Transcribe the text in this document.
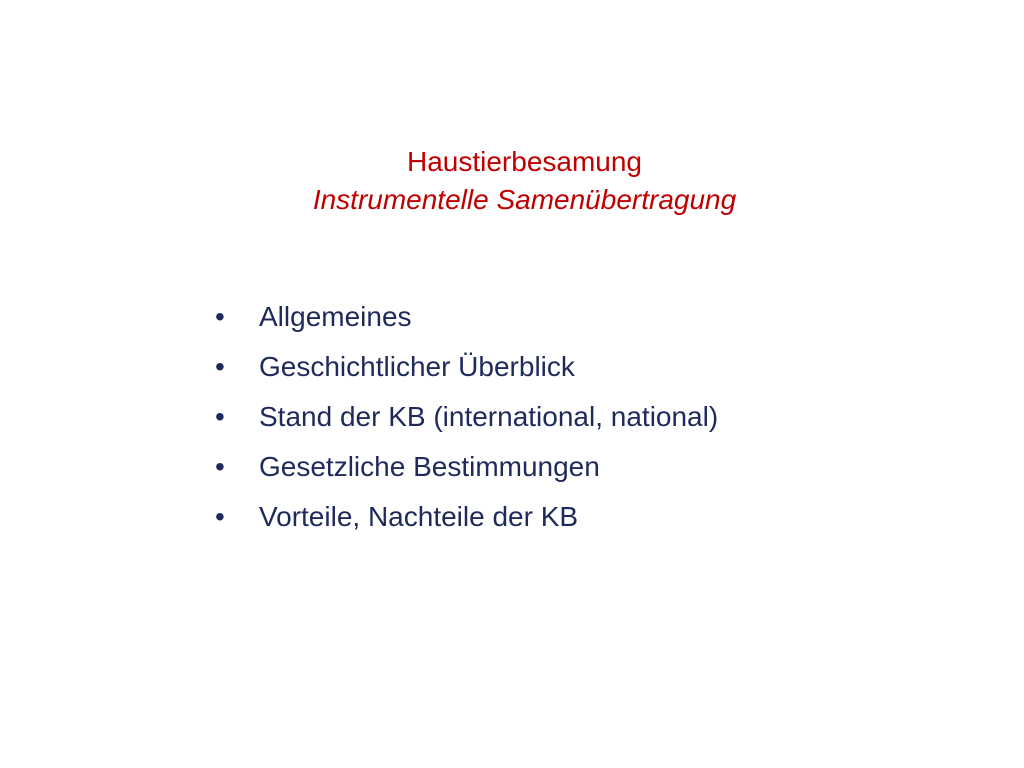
Haustierbesamung
Instrumentelle Samenübertragung
•	Allgemeines
•	Geschichtlicher Überblick
•	Stand der KB (international, national)
•	Gesetzliche Bestimmungen
•	Vorteile, Nachteile der KB
